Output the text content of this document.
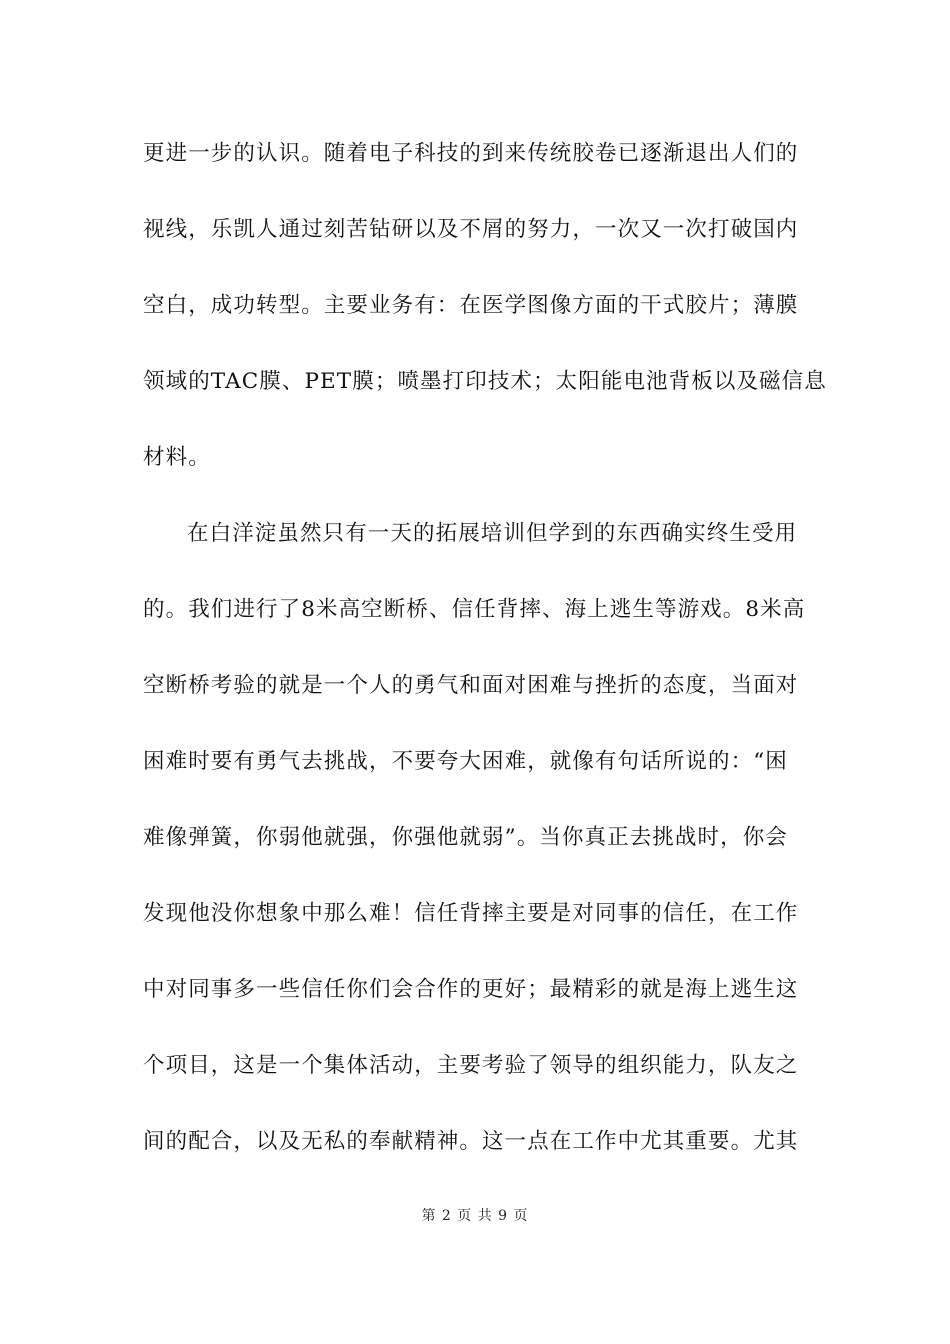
更进一步的认识。随着电子科技的到来传统胶卷已逐渐退出人们的
视线，乐凯人通过刻苦钻研以及不屑的努力，一次又一次打破国内
空白，成功转型。主要业务有：在医学图像方面的干式胶片；薄膜
领域的TAC膜、PET膜；喷墨打印技术；太阳能电池背板以及磁信息
材料。
在白洋淀虽然只有一天的拓展培训但学到的东西确实终生受用
的。我们进行了8米高空断桥、信任背摔、海上逃生等游戏。8米高
空断桥考验的就是一个人的勇气和面对困难与挫折的态度，当面对
困难时要有勇气去挑战，不要夸大困难，就像有句话所说的：“困
难像弹簧，你弱他就强，你强他就弱”。当你真正去挑战时，你会
发现他没你想象中那么难！信任背摔主要是对同事的信任，在工作
中对同事多一些信任你们会合作的更好；最精彩的就是海上逃生这
个项目，这是一个集体活动，主要考验了领导的组织能力，队友之
间的配合，以及无私的奉献精神。这一点在工作中尤其重要。尤其
第 2 页 共 9 页
